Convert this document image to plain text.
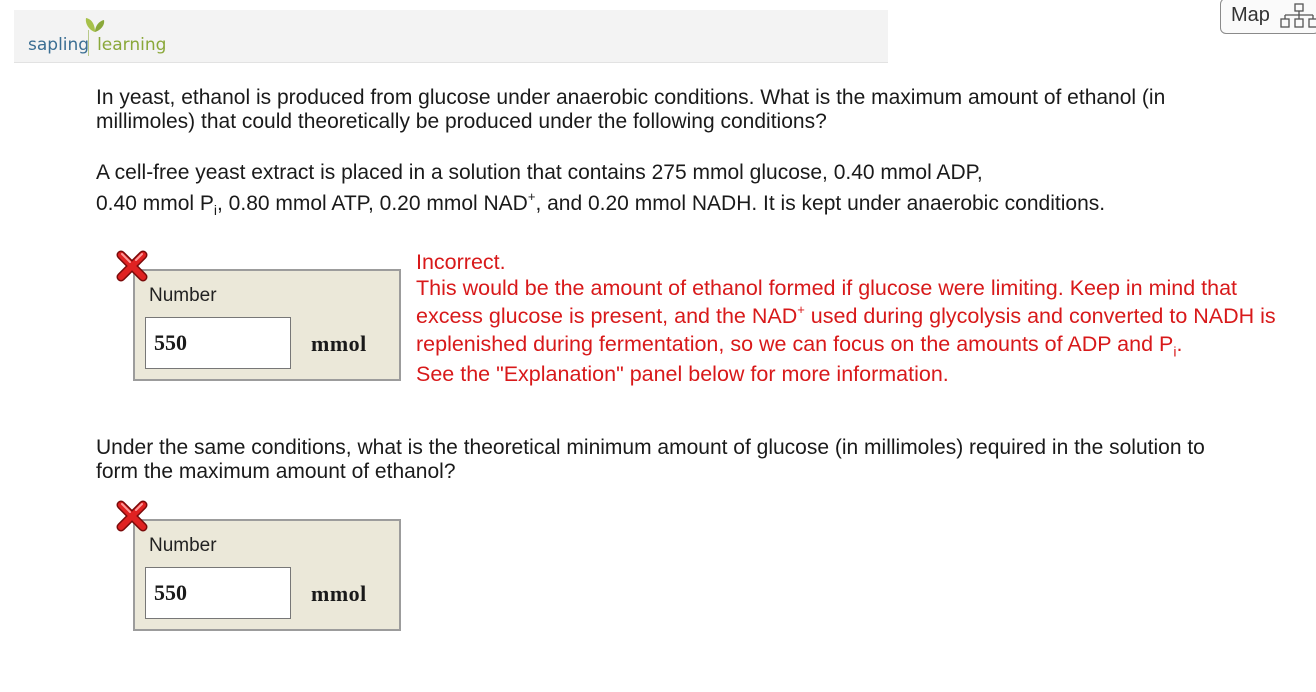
sapling learning
Map
In yeast, ethanol is produced from glucose under anaerobic conditions. What is the maximum amount of ethanol (in millimoles) that could theoretically be produced under the following conditions?
A cell-free yeast extract is placed in a solution that contains 275 mmol glucose, 0.40 mmol ADP,
0.40 mmol $P_i$, 0.80 mmol ATP, 0.20 mmol NAD+, and 0.20 mmol NADH. It is kept under anaerobic conditions.
Number
550
mmol
Incorrect.
This would be the amount of ethanol formed if glucose were limiting. Keep in mind that excess glucose is present, and the NAD+ used during glycolysis and converted to NADH is replenished during fermentation, so we can focus on the amounts of ADP and $P_i$.
See the "Explanation" panel below for more information.
Under the same conditions, what is the theoretical minimum amount of glucose (in millimoles) required in the solution to form the maximum amount of ethanol?
Number
550
mmol
